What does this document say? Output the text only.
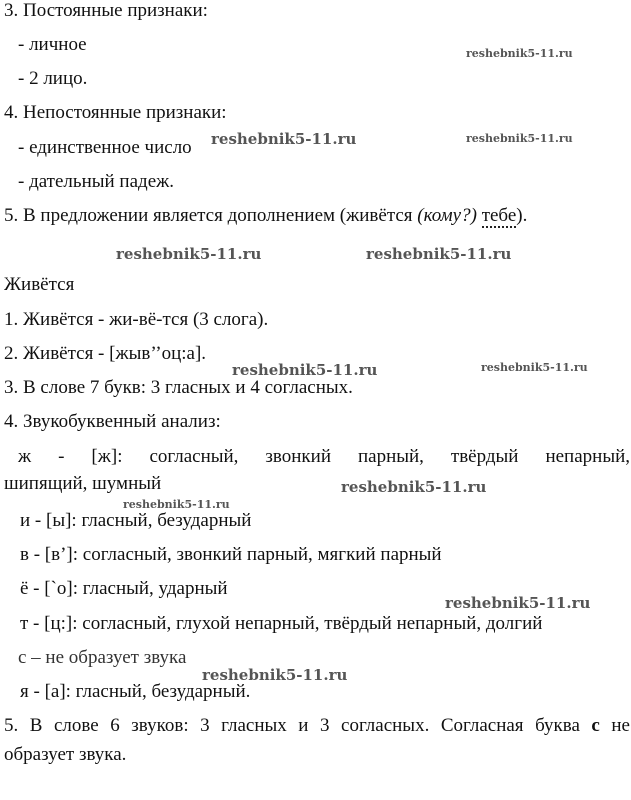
3. Постоянные признаки:
- личное
- 2 лицо.
4. Непостоянные признаки:
- единственное число
- дательный падеж.
5. В предложении является дополнением (живётся (кому?) тебе).
Живётся
1. Живётся - жи-вё-тся (3 слога).
2. Живётся - [жыв’’оц:а].
3. В слове 7 букв: 3 гласных и 4 согласных.
4. Звукобуквенный анализ:
ж - [ж]: согласный, звонкий парный, твёрдый непарный,
шипящий, шумный
и - [ы]: гласный, безударный
в - [в’]: согласный, звонкий парный, мягкий парный
ё - [`о]: гласный, ударный
т - [ц:]: согласный, глухой непарный, твёрдый непарный, долгий
с – не образует звука
я - [а]: гласный, безударный.
5. В слове 6 звуков: 3 гласных и 3 согласных. Согласная буква с не
образует звука.
reshebnik5-11.ru
reshebnik5-11.ru	reshebnik5-11.ru
reshebnik5-11.ru	reshebnik5-11.ru
reshebnik5-11.ru	reshebnik5-11.ru
reshebnik5-11.ru
reshebnik5-11.ru
reshebnik5-11.ru
reshebnik5-11.ru
